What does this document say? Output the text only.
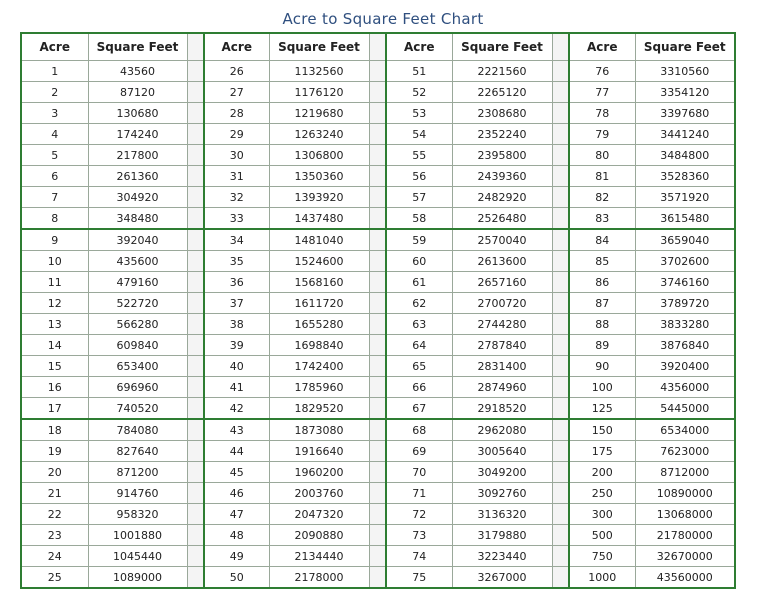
Acre to Square Feet Chart
Acre	Square Feet		Acre	Square Feet		Acre	Square Feet		Acre	Square Feet
1	43560		26	1132560		51	2221560		76	3310560
2	87120		27	1176120		52	2265120		77	3354120
3	130680		28	1219680		53	2308680		78	3397680
4	174240		29	1263240		54	2352240		79	3441240
5	217800		30	1306800		55	2395800		80	3484800
6	261360		31	1350360		56	2439360		81	3528360
7	304920		32	1393920		57	2482920		82	3571920
8	348480		33	1437480		58	2526480		83	3615480
9	392040		34	1481040		59	2570040		84	3659040
10	435600		35	1524600		60	2613600		85	3702600
11	479160		36	1568160		61	2657160		86	3746160
12	522720		37	1611720		62	2700720		87	3789720
13	566280		38	1655280		63	2744280		88	3833280
14	609840		39	1698840		64	2787840		89	3876840
15	653400		40	1742400		65	2831400		90	3920400
16	696960		41	1785960		66	2874960		100	4356000
17	740520		42	1829520		67	2918520		125	5445000
18	784080		43	1873080		68	2962080		150	6534000
19	827640		44	1916640		69	3005640		175	7623000
20	871200		45	1960200		70	3049200		200	8712000
21	914760		46	2003760		71	3092760		250	10890000
22	958320		47	2047320		72	3136320		300	13068000
23	1001880		48	2090880		73	3179880		500	21780000
24	1045440		49	2134440		74	3223440		750	32670000
25	1089000		50	2178000		75	3267000		1000	43560000
